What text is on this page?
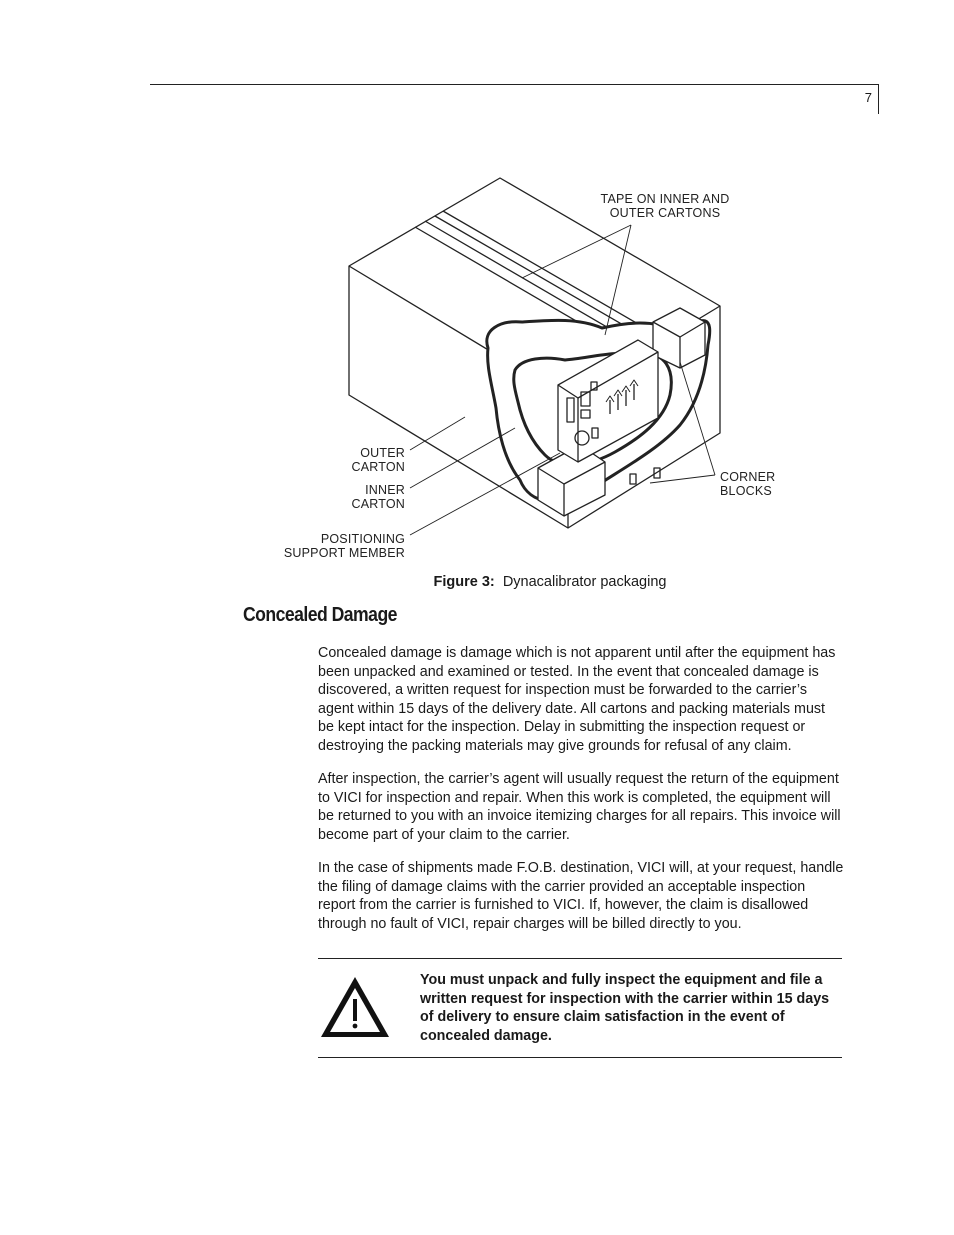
7
TAPE ON INNER AND
OUTER CARTONS
OUTER
CARTON
INNER
CARTON
POSITIONING
SUPPORT MEMBER
CORNER
BLOCKS
Figure 3: Dynacalibrator packaging
Concealed Damage

Concealed damage is damage which is not apparent until after the equipment has been unpacked and examined or tested. In the event that concealed damage is discovered, a written request for inspection must be forwarded to the carrier’s agent within 15 days of the delivery date. All cartons and packing materials must be kept intact for the inspection. Delay in submitting the inspection request or destroying the packing materials may give grounds for refusal of any claim.

After inspection, the carrier’s agent will usually request the return of the equipment to VICI for inspection and repair. When this work is completed, the equipment will be returned to you with an invoice itemizing charges for all repairs. This invoice will become part of your claim to the carrier.

In the case of shipments made F.O.B. destination, VICI will, at your request, handle the filing of damage claims with the carrier provided an acceptable inspection report from the carrier is furnished to VICI. If, however, the claim is disallowed through no fault of VICI, repair charges will be billed directly to you.

You must unpack and fully inspect the equipment and file a written request for inspection with the carrier within 15 days of delivery to ensure claim satisfaction in the event of concealed damage.
